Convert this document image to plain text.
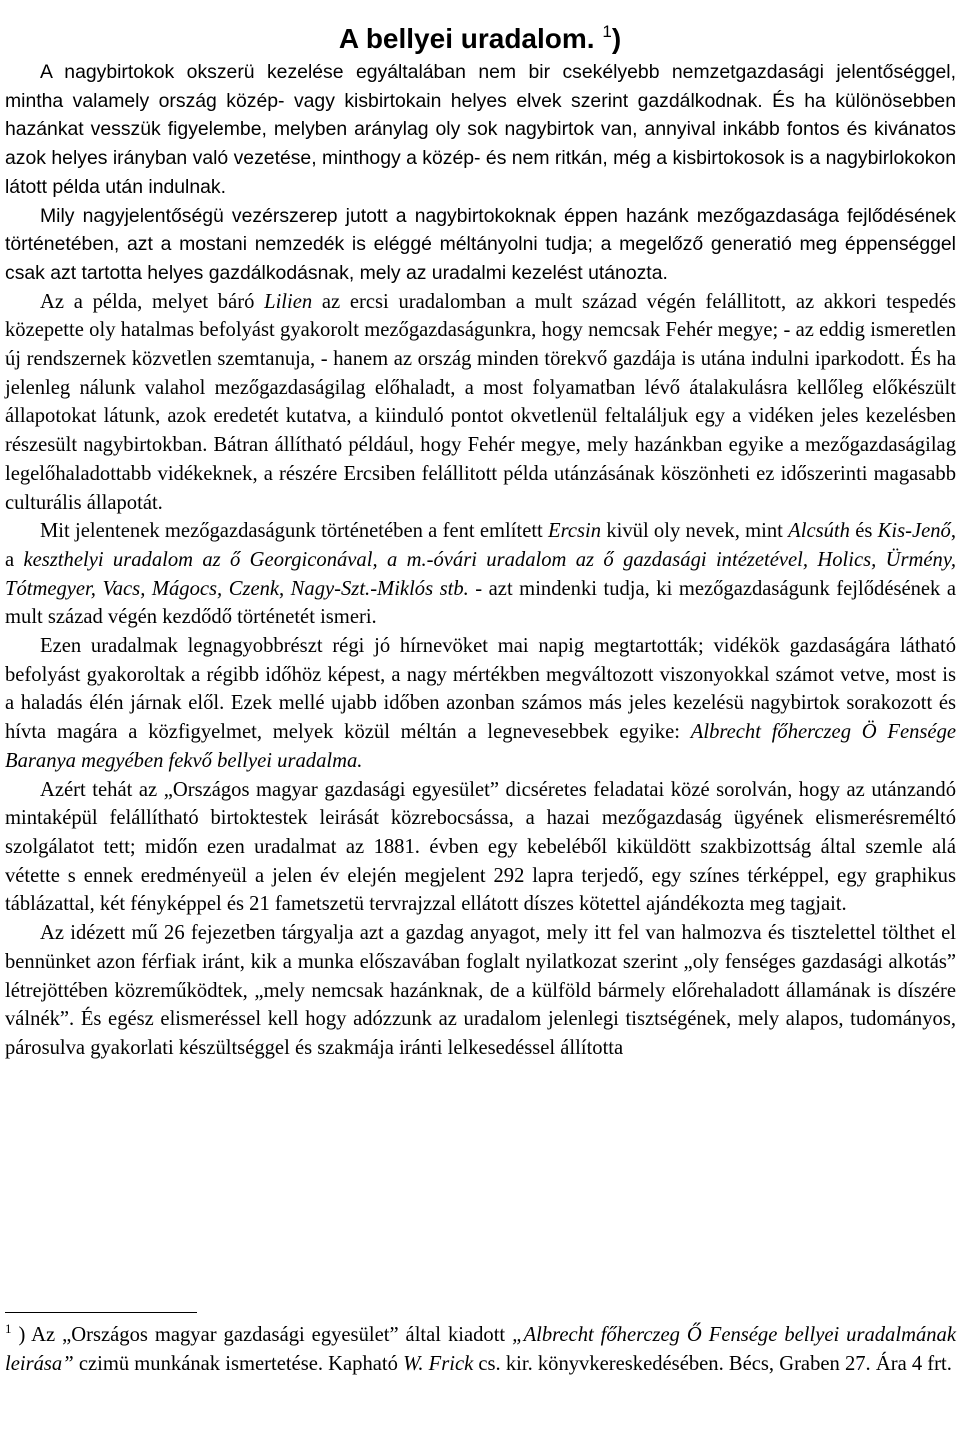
A bellyei uradalom. $^1$)

A nagybirtokok okszerü kezelése egyáltalában nem bir csekélyebb nemzetgazdasági jelentőséggel, mintha valamely ország közép- vagy kisbirtokain helyes elvek szerint gazdálkodnak. És ha különösebben hazánkat vesszük figyelembe, melyben aránylag oly sok nagybirtok van, annyival inkább fontos és kivánatos azok helyes irányban való vezetése, minthogy a közép- és nem ritkán, még a kisbirtokosok is a nagybirlokokon látott példa után indulnak.

Mily nagyjelentőségü vezérszerep jutott a nagybirtokoknak éppen hazánk mezőgazdasága fejlődésének történetében, azt a mostani nemzedék is eléggé méltányolni tudja; a megelőző generatió meg éppenséggel csak azt tartotta helyes gazdálkodásnak, mely az uradalmi kezelést utánozta.

Az a példa, melyet báró Lilien az ercsi uradalomban a mult század végén felállitott, az akkori tespedés közepette oly hatalmas befolyást gyakorolt mezőgazdaságunkra, hogy nemcsak Fehér megye; - az eddig ismeretlen új rendszernek közvetlen szemtanuja, - hanem az ország minden törekvő gazdája is utána indulni iparkodott. És ha jelenleg nálunk valahol mezőgazdaságilag előhaladt, a most folyamatban lévő átalakulásra kellőleg előkészült állapotokat látunk, azok eredetét kutatva, a kiinduló pontot okvetlenül feltaláljuk egy a vidéken jeles kezelésben részesült nagybirtokban. Bátran állítható például, hogy Fehér megye, mely hazánkban egyike a mezőgazdaságilag legelőhaladottabb vidékeknek, a részére Ercsiben felállitott példa utánzásának köszönheti ez időszerinti magasabb culturális állapotát.

Mit jelentenek mezőgazdaságunk történetében a fent említett Ercsin kivül oly nevek, mint Alcsúth és Kis-Jenő, a keszthelyi uradalom az ő Georgiconával, a m.-óvári uradalom az ő gazdasági intézetével, Holics, Ürmény, Tótmegyer, Vacs, Mágocs, Czenk, Nagy-Szt.-Miklós stb. - azt mindenki tudja, ki mezőgazdaságunk fejlődésének a mult század végén kezdődő történetét ismeri.

Ezen uradalmak legnagyobbrészt régi jó hírnevöket mai napig megtartották; vidékök gazdaságára látható befolyást gyakoroltak a régibb időhöz képest, a nagy mértékben megváltozott viszonyokkal számot vetve, most is a haladás élén járnak elől. Ezek mellé ujabb időben azonban számos más jeles kezelésü nagybirtok sorakozott és hívta magára a közfigyelmet, melyek közül méltán a legnevesebbek egyike: Albrecht főherczeg Ö Fensége Baranya megyében fekvő bellyei uradalma.

Azért tehát az „Országos magyar gazdasági egyesület” dicséretes feladatai közé sorolván, hogy az utánzandó mintaképül felállítható birtoktestek leirását közrebocsássa, a hazai mezőgazdaság ügyének elismerésreméltó szolgálatot tett; midőn ezen uradalmat az 1881. évben egy kebeléből kiküldött szakbizottság által szemle alá vétette s ennek eredményeül a jelen év elején megjelent 292 lapra terjedő, egy színes térképpel, egy graphikus táblázattal, két fényképpel és 21 fametszetü tervrajzzal ellátott díszes kötettel ajándékozta meg tagjait.

Az idézett mű 26 fejezetben tárgyalja azt a gazdag anyagot, mely itt fel van halmozva és tisztelettel tölthet el bennünket azon férfiak iránt, kik a munka előszavában foglalt nyilatkozat szerint „oly fenséges gazdasági alkotás” létrejöttében közreműködtek, „mely nemcsak hazánknak, de a külföld bármely előrehaladott államának is díszére válnék”. És egész elismeréssel kell hogy adózzunk az uradalom jelenlegi tisztségének, mely alapos, tudományos, párosulva gyakorlati készültséggel és szakmája iránti lelkesedéssel állította

$^1$ ) Az „Országos magyar gazdasági egyesület” által kiadott „Albrecht főherczeg Ő Fensége bellyei uradalmának leirása” czimü munkának ismertetése. Kapható W. Frick cs. kir. könyvkereskedésében. Bécs, Graben 27. Ára 4 frt.
